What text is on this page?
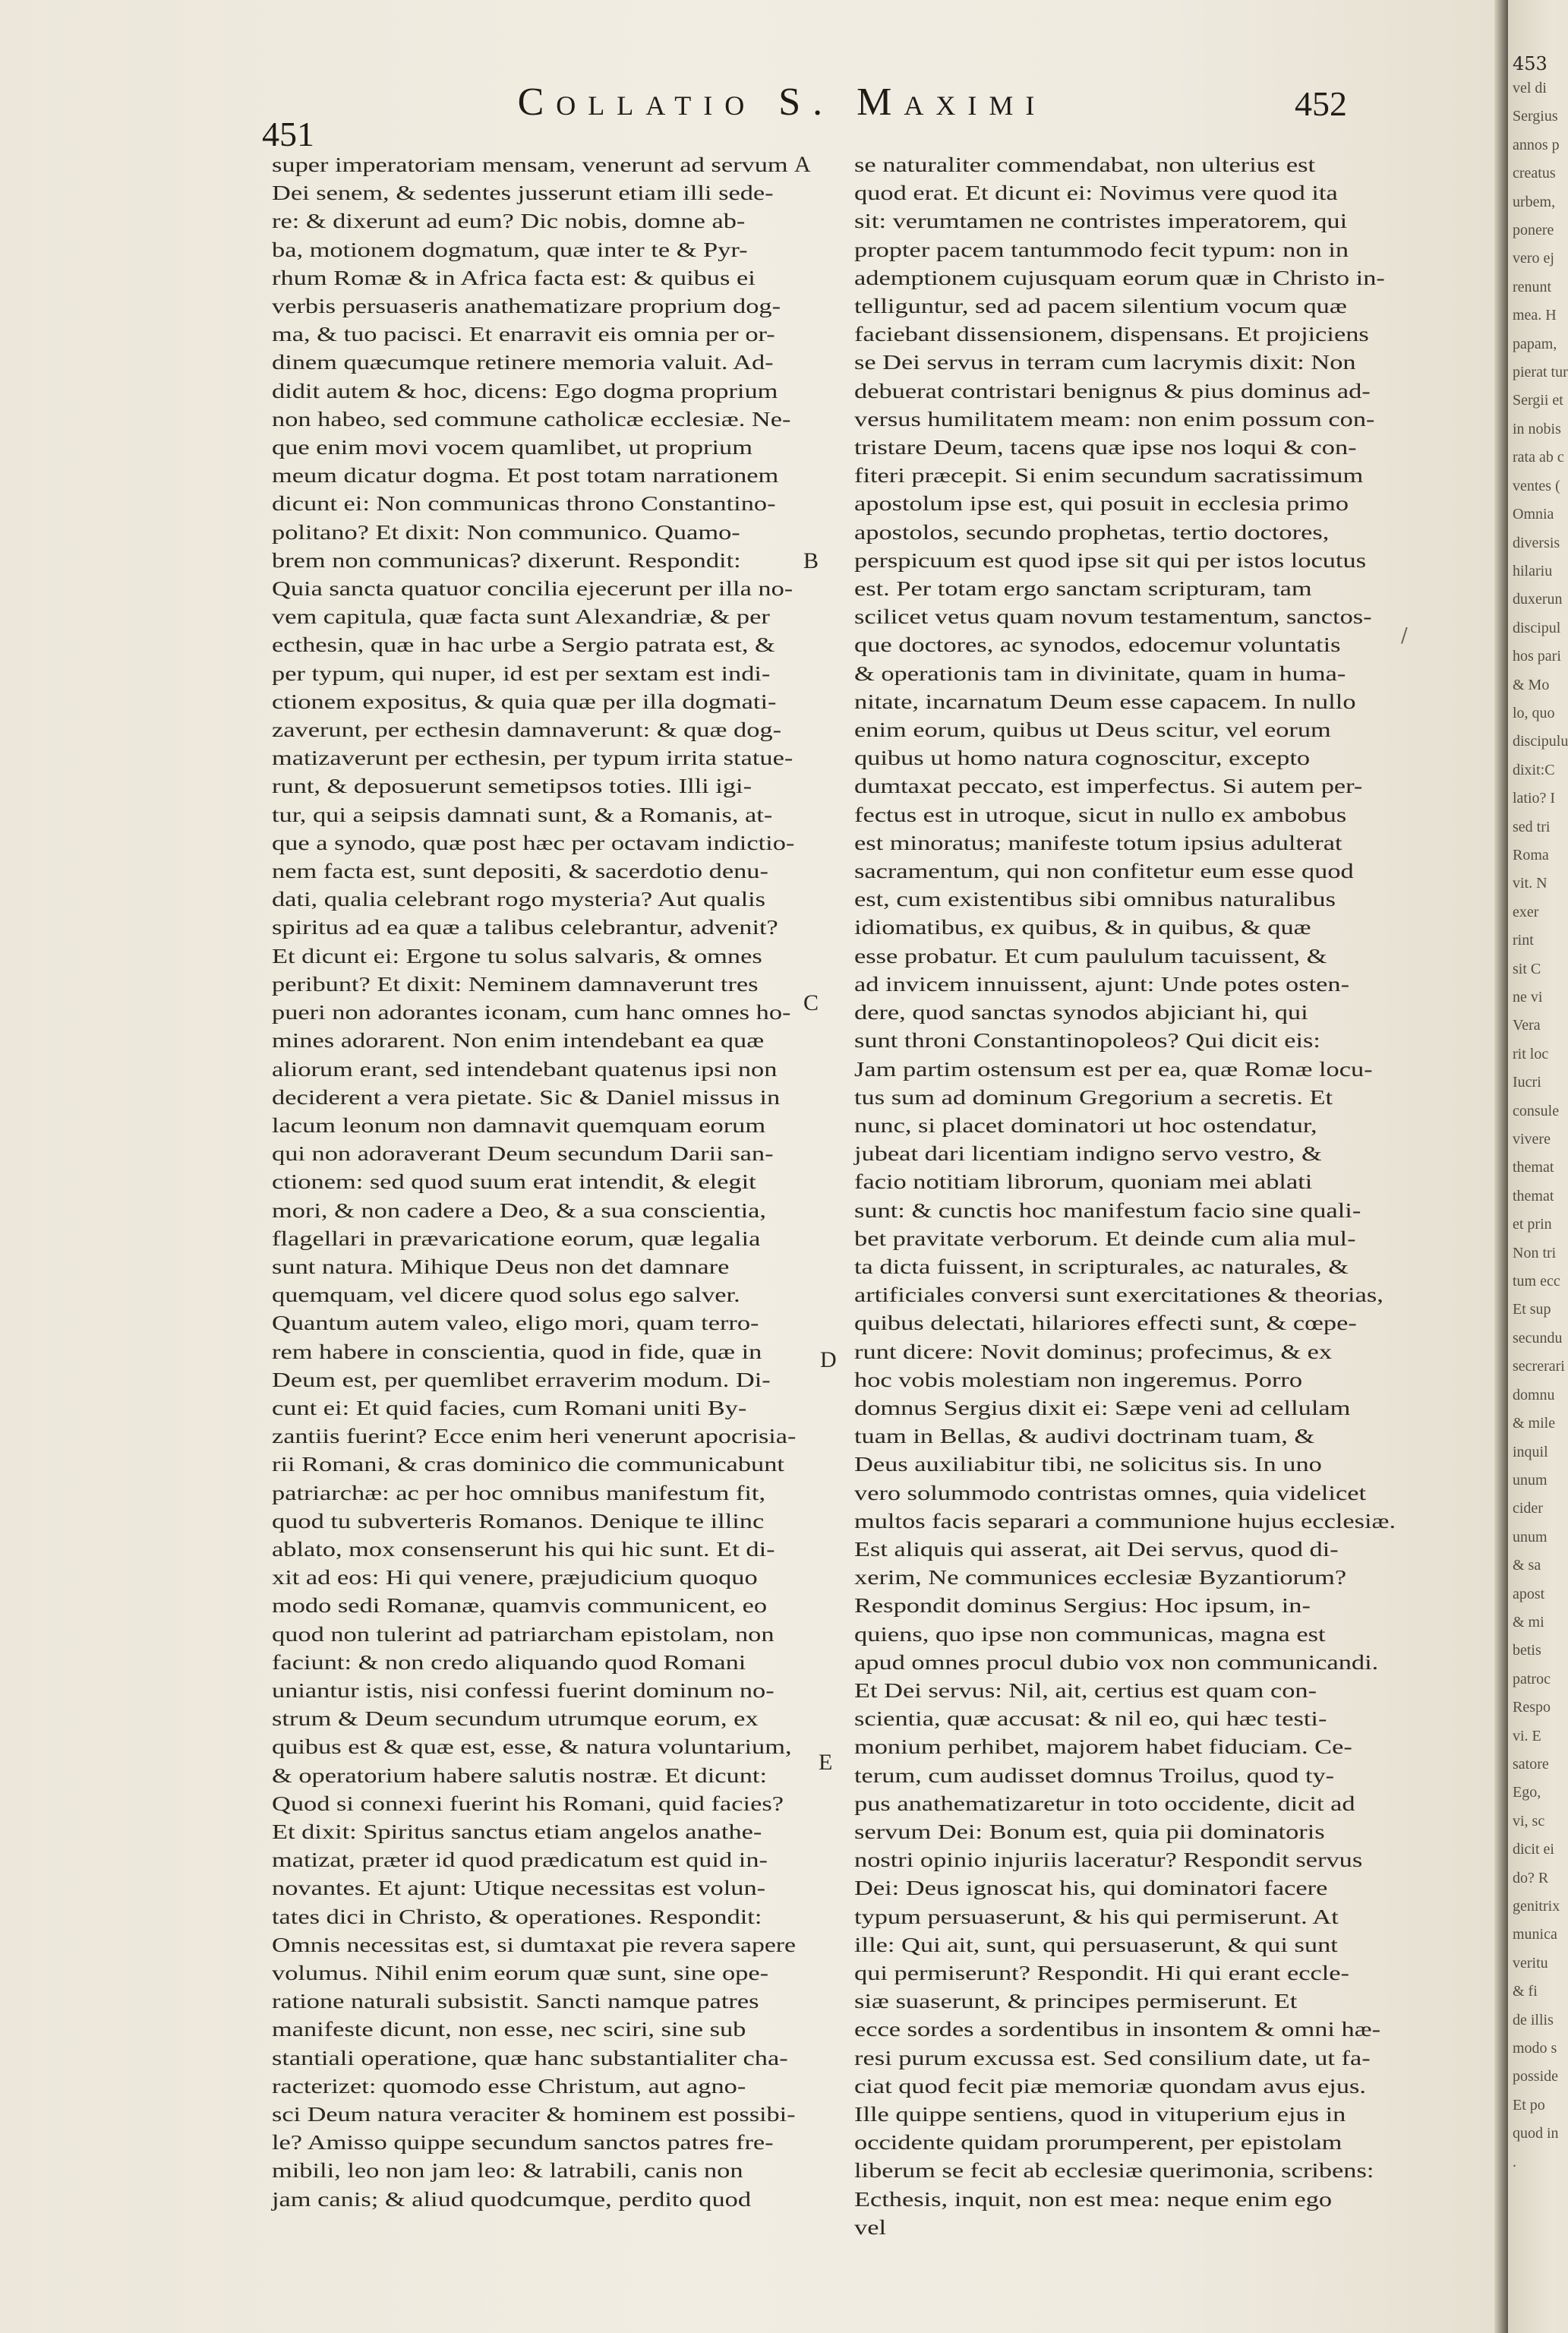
Collatio S. Maximi
451
452
super imperatoriam mensam, venerunt ad servum
Dei senem, & sedentes jusserunt etiam illi sede-
re: & dixerunt ad eum? Dic nobis, domne ab-
ba, motionem dogmatum, quæ inter te & Pyr-
rhum Romæ & in Africa facta est: & quibus ei
verbis persuaseris anathematizare proprium dog-
ma, & tuo pacisci. Et enarravit eis omnia per or-
dinem quæcumque retinere memoria valuit. Ad-
didit autem & hoc, dicens: Ego dogma proprium
non habeo, sed commune catholicæ ecclesiæ. Ne-
que enim movi vocem quamlibet, ut proprium
meum dicatur dogma. Et post totam narrationem
dicunt ei: Non communicas throno Constantino-
politano? Et dixit: Non communico. Quamo-
brem non communicas? dixerunt. Respondit:
Quia sancta quatuor concilia ejecerunt per illa no-
vem capitula, quæ facta sunt Alexandriæ, & per
ecthesin, quæ in hac urbe a Sergio patrata est, &
per typum, qui nuper, id est per sextam est indi-
ctionem expositus, & quia quæ per illa dogmati-
zaverunt, per ecthesin damnaverunt: & quæ dog-
matizaverunt per ecthesin, per typum irrita statue-
runt, & deposuerunt semetipsos toties. Illi igi-
tur, qui a seipsis damnati sunt, & a Romanis, at-
que a synodo, quæ post hæc per octavam indictio-
nem facta est, sunt depositi, & sacerdotio denu-
dati, qualia celebrant rogo mysteria? Aut qualis
spiritus ad ea quæ a talibus celebrantur, advenit?
Et dicunt ei: Ergone tu solus salvaris, & omnes
peribunt? Et dixit: Neminem damnaverunt tres
pueri non adorantes iconam, cum hanc omnes ho-
mines adorarent. Non enim intendebant ea quæ
aliorum erant, sed intendebant quatenus ipsi non
deciderent a vera pietate. Sic & Daniel missus in
lacum leonum non damnavit quemquam eorum
qui non adoraverant Deum secundum Darii san-
ctionem: sed quod suum erat intendit, & elegit
mori, & non cadere a Deo, & a sua conscientia,
flagellari in prævaricatione eorum, quæ legalia
sunt natura. Mihique Deus non det damnare
quemquam, vel dicere quod solus ego salver.
Quantum autem valeo, eligo mori, quam terro-
rem habere in conscientia, quod in fide, quæ in
Deum est, per quemlibet erraverim modum. Di-
cunt ei: Et quid facies, cum Romani uniti By-
zantiis fuerint? Ecce enim heri venerunt apocrisia-
rii Romani, & cras dominico die communicabunt
patriarchæ: ac per hoc omnibus manifestum fit,
quod tu subverteris Romanos. Denique te illinc
ablato, mox consenserunt his qui hic sunt. Et di-
xit ad eos: Hi qui venere, præjudicium quoquo
modo sedi Romanæ, quamvis communicent, eo
quod non tulerint ad patriarcham epistolam, non
faciunt: & non credo aliquando quod Romani
uniantur istis, nisi confessi fuerint dominum no-
strum & Deum secundum utrumque eorum, ex
quibus est & quæ est, esse, & natura voluntarium,
& operatorium habere salutis nostræ. Et dicunt:
Quod si connexi fuerint his Romani, quid facies?
Et dixit: Spiritus sanctus etiam angelos anathe-
matizat, præter id quod prædicatum est quid in-
novantes. Et ajunt: Utique necessitas est volun-
tates dici in Christo, & operationes. Respondit:
Omnis necessitas est, si dumtaxat pie revera sapere
volumus. Nihil enim eorum quæ sunt, sine ope-
ratione naturali subsistit. Sancti namque patres
manifeste dicunt, non esse, nec sciri, sine sub
stantiali operatione, quæ hanc substantialiter cha-
racterizet: quomodo esse Christum, aut agno-
sci Deum natura veraciter & hominem est possibi-
le? Amisso quippe secundum sanctos patres fre-
mibili, leo non jam leo: & latrabili, canis non
jam canis; & aliud quodcumque, perdito quod
A
B
C
D
E
se naturaliter commendabat, non ulterius est
quod erat. Et dicunt ei: Novimus vere quod ita
sit: verumtamen ne contristes imperatorem, qui
propter pacem tantummodo fecit typum: non in
ademptionem cujusquam eorum quæ in Christo in-
telliguntur, sed ad pacem silentium vocum quæ
faciebant dissensionem, dispensans. Et projiciens
se Dei servus in terram cum lacrymis dixit: Non
debuerat contristari benignus & pius dominus ad-
versus humilitatem meam: non enim possum con-
tristare Deum, tacens quæ ipse nos loqui & con-
fiteri præcepit. Si enim secundum sacratissimum
apostolum ipse est, qui posuit in ecclesia primo
apostolos, secundo prophetas, tertio doctores,
perspicuum est quod ipse sit qui per istos locutus
est. Per totam ergo sanctam scripturam, tam
scilicet vetus quam novum testamentum, sanctos-
que doctores, ac synodos, edocemur voluntatis
& operationis tam in divinitate, quam in huma-
nitate, incarnatum Deum esse capacem. In nullo
enim eorum, quibus ut Deus scitur, vel eorum
quibus ut homo natura cognoscitur, excepto
dumtaxat peccato, est imperfectus. Si autem per-
fectus est in utroque, sicut in nullo ex ambobus
est minoratus; manifeste totum ipsius adulterat
sacramentum, qui non confitetur eum esse quod
est, cum existentibus sibi omnibus naturalibus
idiomatibus, ex quibus, & in quibus, & quæ
esse probatur. Et cum paululum tacuissent, &
ad invicem innuissent, ajunt: Unde potes osten-
dere, quod sanctas synodos abjiciant hi, qui
sunt throni Constantinopoleos? Qui dicit eis:
Jam partim ostensum est per ea, quæ Romæ locu-
tus sum ad dominum Gregorium a secretis. Et
nunc, si placet dominatori ut hoc ostendatur,
jubeat dari licentiam indigno servo vestro, &
facio notitiam librorum, quoniam mei ablati
sunt: & cunctis hoc manifestum facio sine quali-
bet pravitate verborum. Et deinde cum alia mul-
ta dicta fuissent, in scripturales, ac naturales, &
artificiales conversi sunt exercitationes & theorias,
quibus delectati, hilariores effecti sunt, & cœpe-
runt dicere: Novit dominus; profecimus, & ex
hoc vobis molestiam non ingeremus. Porro
domnus Sergius dixit ei: Sæpe veni ad cellulam
tuam in Bellas, & audivi doctrinam tuam, &
Deus auxiliabitur tibi, ne solicitus sis. In uno
vero solummodo contristas omnes, quia videlicet
multos facis separari a communione hujus ecclesiæ.
Est aliquis qui asserat, ait Dei servus, quod di-
xerim, Ne communices ecclesiæ Byzantiorum?
Respondit dominus Sergius: Hoc ipsum, in-
quiens, quo ipse non communicas, magna est
apud omnes procul dubio vox non communicandi.
Et Dei servus: Nil, ait, certius est quam con-
scientia, quæ accusat: & nil eo, qui hæc testi-
monium perhibet, majorem habet fiduciam. Ce-
terum, cum audisset domnus Troilus, quod ty-
pus anathematizaretur in toto occidente, dicit ad
servum Dei: Bonum est, quia pii dominatoris
nostri opinio injuriis laceratur? Respondit servus
Dei: Deus ignoscat his, qui dominatori facere
typum persuaserunt, & his qui permiserunt. At
ille: Qui ait, sunt, qui persuaserunt, & qui sunt
qui permiserunt? Respondit. Hi qui erant eccle-
siæ suaserunt, & principes permiserunt. Et
ecce sordes a sordentibus in insontem & omni hæ-
resi purum excussa est. Sed consilium date, ut fa-
ciat quod fecit piæ memoriæ quondam avus ejus.
Ille quippe sentiens, quod in vituperium ejus in
occidente quidam prorumperent, per epistolam
liberum se fecit ab ecclesiæ querimonia, scribens:
Ecthesis, inquit, non est mea: neque enim ego
vel
/
453
vel di
Sergius
annos p
creatus
urbem,
ponere
vero ej
renunt
mea. H
papam,
pierat tur
Sergii et
in nobis
rata ab c
ventes (
Omnia
diversis
hilariu
duxerun
discipul
hos pari
& Mo
lo, quo
discipulu
dixit:C
latio? I
sed tri
Roma
vit. N
exer
rint
sit C
ne vi
Vera
rit loc
Iucri
consule
vivere
themat
themat
et prin
Non tri
tum ecc
Et sup
secundu
secrerari
domnu
& mile
inquil
unum
cider
unum
& sa
apost
& mi
betis
patroc
Respo
vi. E
satore
Ego,
vi, sc
dicit ei
do? R
genitrix
munica
veritu
& fi
de illis
modo s
posside
Et po
quod in
.
